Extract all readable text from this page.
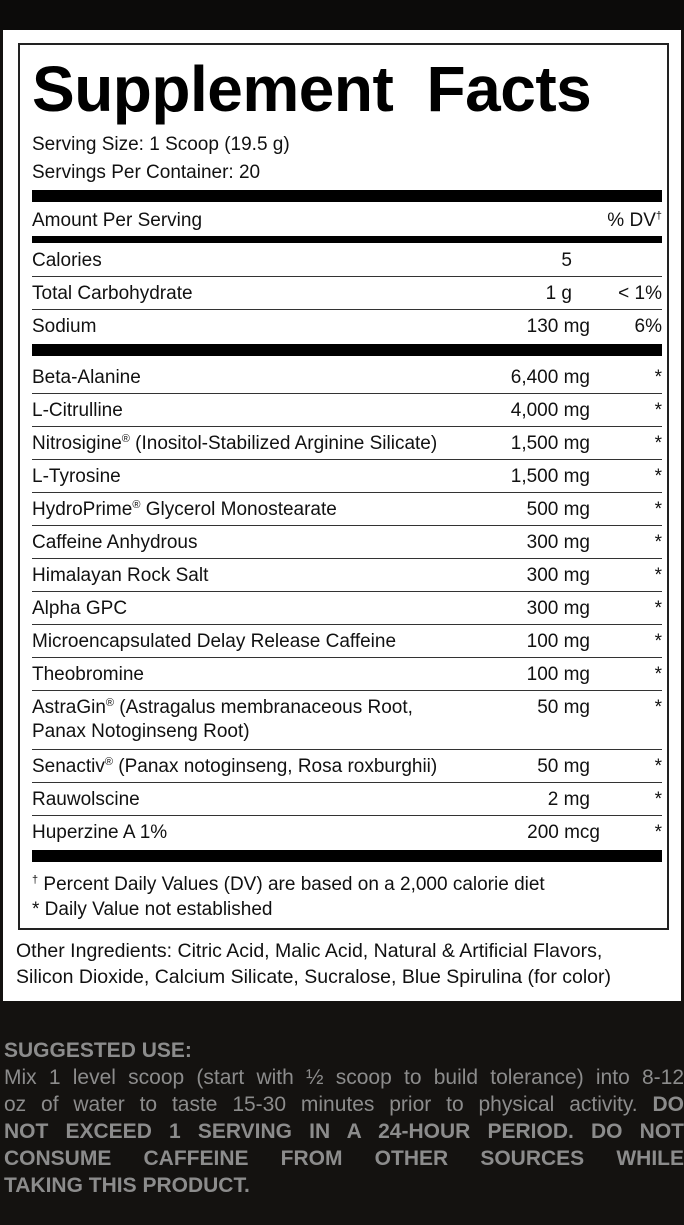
Supplement Facts
Serving Size: 1 Scoop (19.5 g)
Servings Per Container: 20
Amount Per Serving	% DV†
Calories	5
Total Carbohydrate	1 g < 1%
Sodium	130 mg 6%
Beta-Alanine	6,400 mg	*
L-Citrulline	4,000 mg	*
Nitrosigine® (Inositol-Stabilized Arginine Silicate)	1,500 mg	*
L-Tyrosine	1,500 mg	*
HydroPrime® Glycerol Monostearate	500 mg	*
Caffeine Anhydrous	300 mg	*
Himalayan Rock Salt	300 mg	*
Alpha GPC	300 mg	*
Microencapsulated Delay Release Caffeine	100 mg	*
Theobromine	100 mg	*
AstraGin® (Astragalus membranaceous Root,
Panax Notoginseng Root)
50 mg	*
Senactiv® (Panax notoginseng, Rosa roxburghii)	50 mg	*
Rauwolscine	2 mg	*
Huperzine A 1%	200 mcg	*
† Percent Daily Values (DV) are based on a 2,000 calorie diet
* Daily Value not established
Other Ingredients: Citric Acid, Malic Acid, Natural & Artificial Flavors,
Silicon Dioxide, Calcium Silicate, Sucralose, Blue Spirulina (for color)

SUGGESTED USE:

Mix 1 level scoop (start with ½ scoop to build tolerance) into 8-12

oz of water to taste 15-30 minutes prior to physical activity. DO

NOT EXCEED 1 SERVING IN A 24-HOUR PERIOD. DO NOT

CONSUME CAFFEINE FROM OTHER SOURCES WHILE

TAKING THIS PRODUCT.
